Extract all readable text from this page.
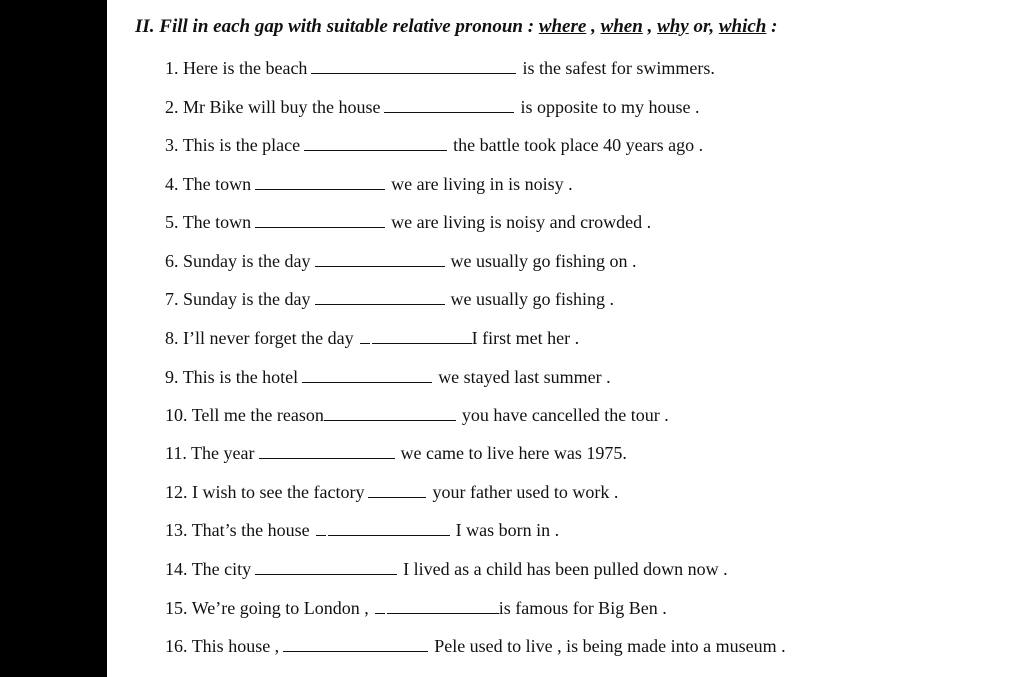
II. Fill in each gap with suitable relative pronoun : where , when , why or, which :
1. Here is the beach	is the safest for swimmers.
2. Mr Bike will buy the house	is opposite to my house .
3. This is the place	the battle took place 40 years ago .
4. The town	we are living in is noisy .
5. The town	we are living is noisy and crowded .
6. Sunday is the day	we usually go fishing on .
7. Sunday is the day	we usually go fishing .
8. I’ll never forget the day	I first met her .
9. This is the hotel	we stayed last summer .
10. Tell me the reason	you have cancelled the tour .
11. The year	we came to live here was 1975.
12. I wish to see the factory	your father used to work .
13. That’s the house	I was born in .
14. The city	I lived as a child has been pulled down now .
15. We’re going to London ,	is famous for Big Ben .
16. This house ,	Pele used to live , is being made into a museum .
